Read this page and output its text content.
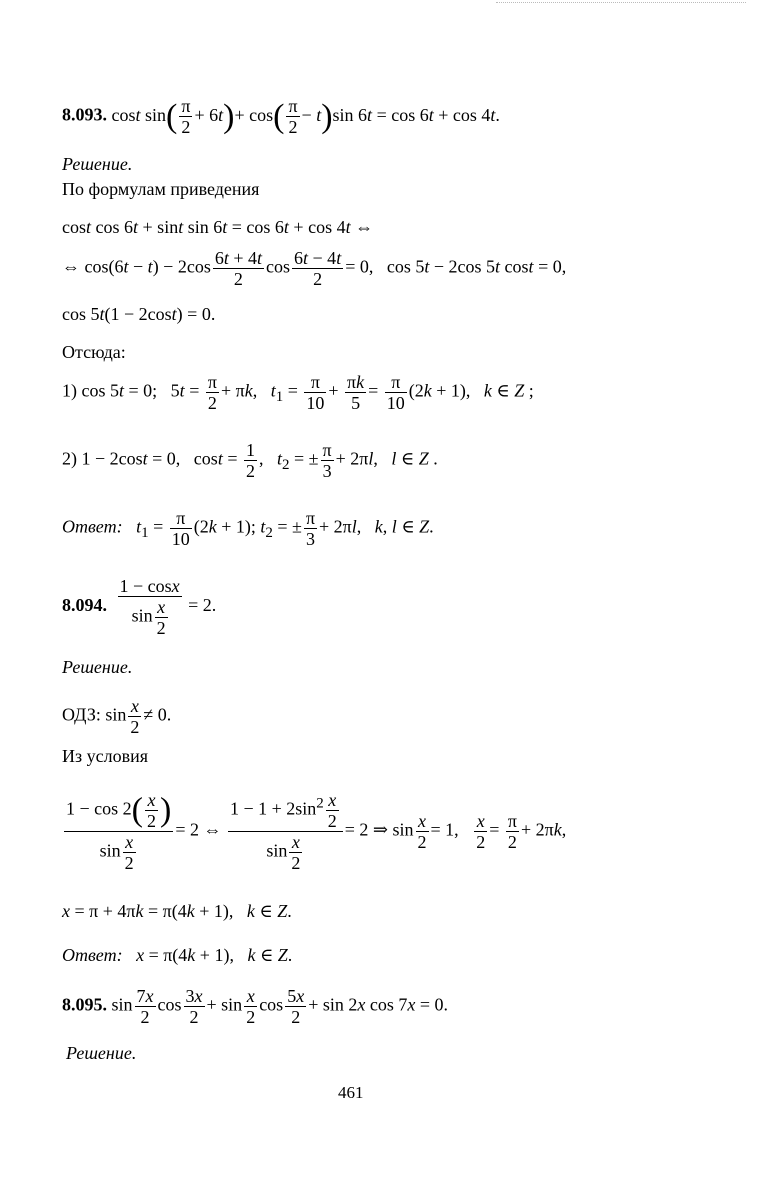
8.093. cost $\sin( \frac{\pi}{2} + 6t)+ \cos( \frac{\pi}{2} - t)\sin$ 6t = cos 6t + cos 4t.
Решение.
По формулам приведения
cost cos 6t + sint sin 6t = cos 6t + cos 4t ⇔
⇔ $\cos(6t - t) - 2\cos \frac{6t + 4t}{2}$ $\cos \frac{6t - 4t}{2} = 0$,   cos 5t − 2cos 5t cost = 0,
cos 5t(1 − 2cost) = 0.
Отсюда:
1) cos 5t = 0;   $5t = \frac{\pi}{2} + \pi k$,   $t_1 = \frac{\pi}{10} + \frac{\pi k}{5} = \frac{\pi}{10} (2k + 1)$,   k ∈ Z ;
2) 1 − 2cost = 0,   $\cos t = \frac{1}{2}$ ,   $t_2$ = ± $\frac{\pi}{3} + 2\pi l$,   l ∈ Z .
Ответ: $t_1 = \frac{\pi}{10} (2k + 1)$; $t_2$ = ± $\frac{\pi}{3} + 2\pi l$,   k, l ∈ Z.
8.094. $\frac{1 - \cos x}{\sin \frac{x}{2}} = 2$.
Решение.
ОДЗ: $\sin \frac{x}{2} \ne 0$.
Из условия
$\frac{1 - \cos 2( \frac{x}{2} )}{\sin \frac{x}{2}} = 2$ ⇔ $\frac{1 - 1 + 2\sin^2 \frac{x}{2}}{\sin \frac{x}{2}} = 2$ ⇒ $\sin \frac{x}{2} = 1$, $\frac{x}{2} = \frac{\pi}{2} + 2\pi k$,
x = π + 4πk = π(4k + 1),   k ∈ Z.
Ответ: x = π(4k + 1),   k ∈ Z.
8.095. $\sin \frac{7x}{2}$ $\cos \frac{3x}{2} + \sin \frac{x}{2}$ $\cos \frac{5x}{2} + \sin 2x$ cos 7x = 0.
Решение.
461
